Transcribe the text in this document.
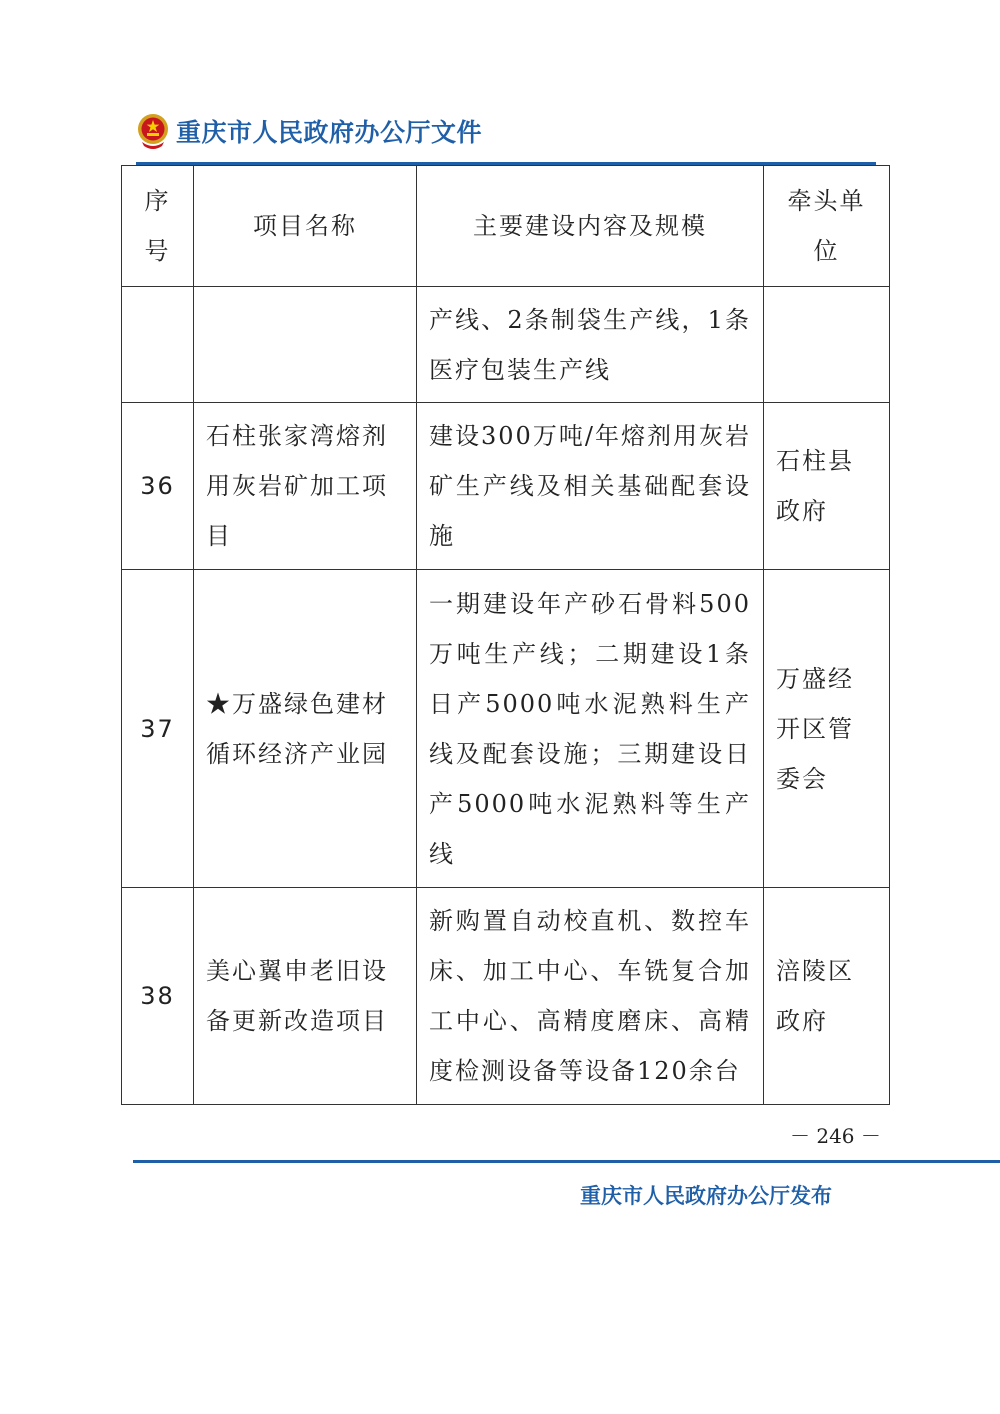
重庆市人民政府办公厅文件
序号	项目名称	主要建设内容及规模	牵头单位
		产线、2条制袋生产线，1条医疗包装生产线	
36	石柱张家湾熔剂用灰岩矿加工项目	建设300万吨/年熔剂用灰岩矿生产线及相关基础配套设施	石柱县政府
37	★万盛绿色建材循环经济产业园	一期建设年产砂石骨料500万吨生产线；二期建设1条日产5000吨水泥熟料生产线及配套设施；三期建设日产5000吨水泥熟料等生产线	万盛经开区管委会
38	美心翼申老旧设备更新改造项目	新购置自动校直机、数控车床、加工中心、车铣复合加工中心、高精度磨床、高精度检测设备等设备120余台	涪陵区政府
－ 246 －
重庆市人民政府办公厅发布
